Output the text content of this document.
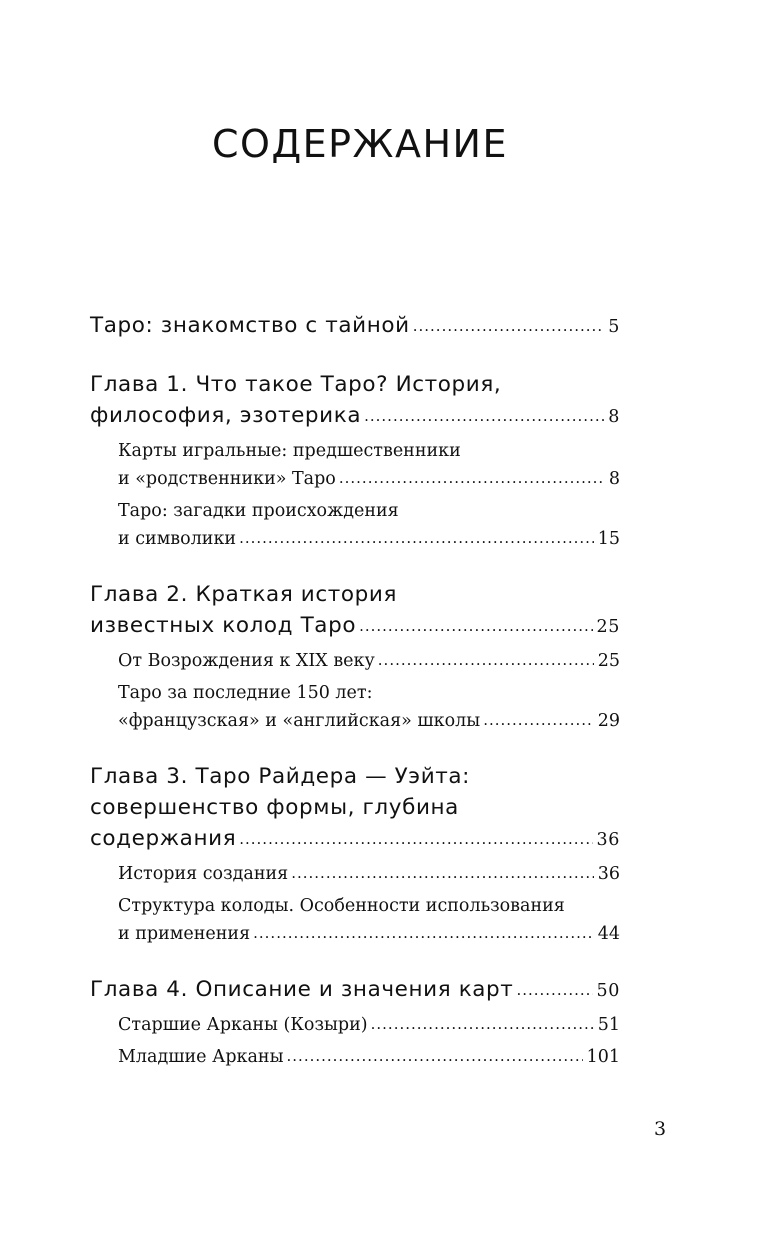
СОДЕРЖАНИЕ
Таро: знакомство с тайной .....	5
Глава 1. Что такое Таро? История,
философия, эзотерика .....	8
Карты игральные: предшественники
и «родственники» Таро .....	8
Таро: загадки происхождения
и символики .....	15
Глава 2. Краткая история
известных колод Таро .....	25
От Возрождения к XIX веку .....	25
Таро за последние 150 лет:
«французская» и «английская» школы .....	29
Глава 3. Таро Райдера — Уэйта:
совершенство формы, глубина
содержания .....	36
История создания .....	36
Структура колоды. Особенности использования
и применения .....	44
Глава 4. Описание и значения карт .....	50
Старшие Арканы (Козыри) .....	51
Младшие Арканы .....	101
3
